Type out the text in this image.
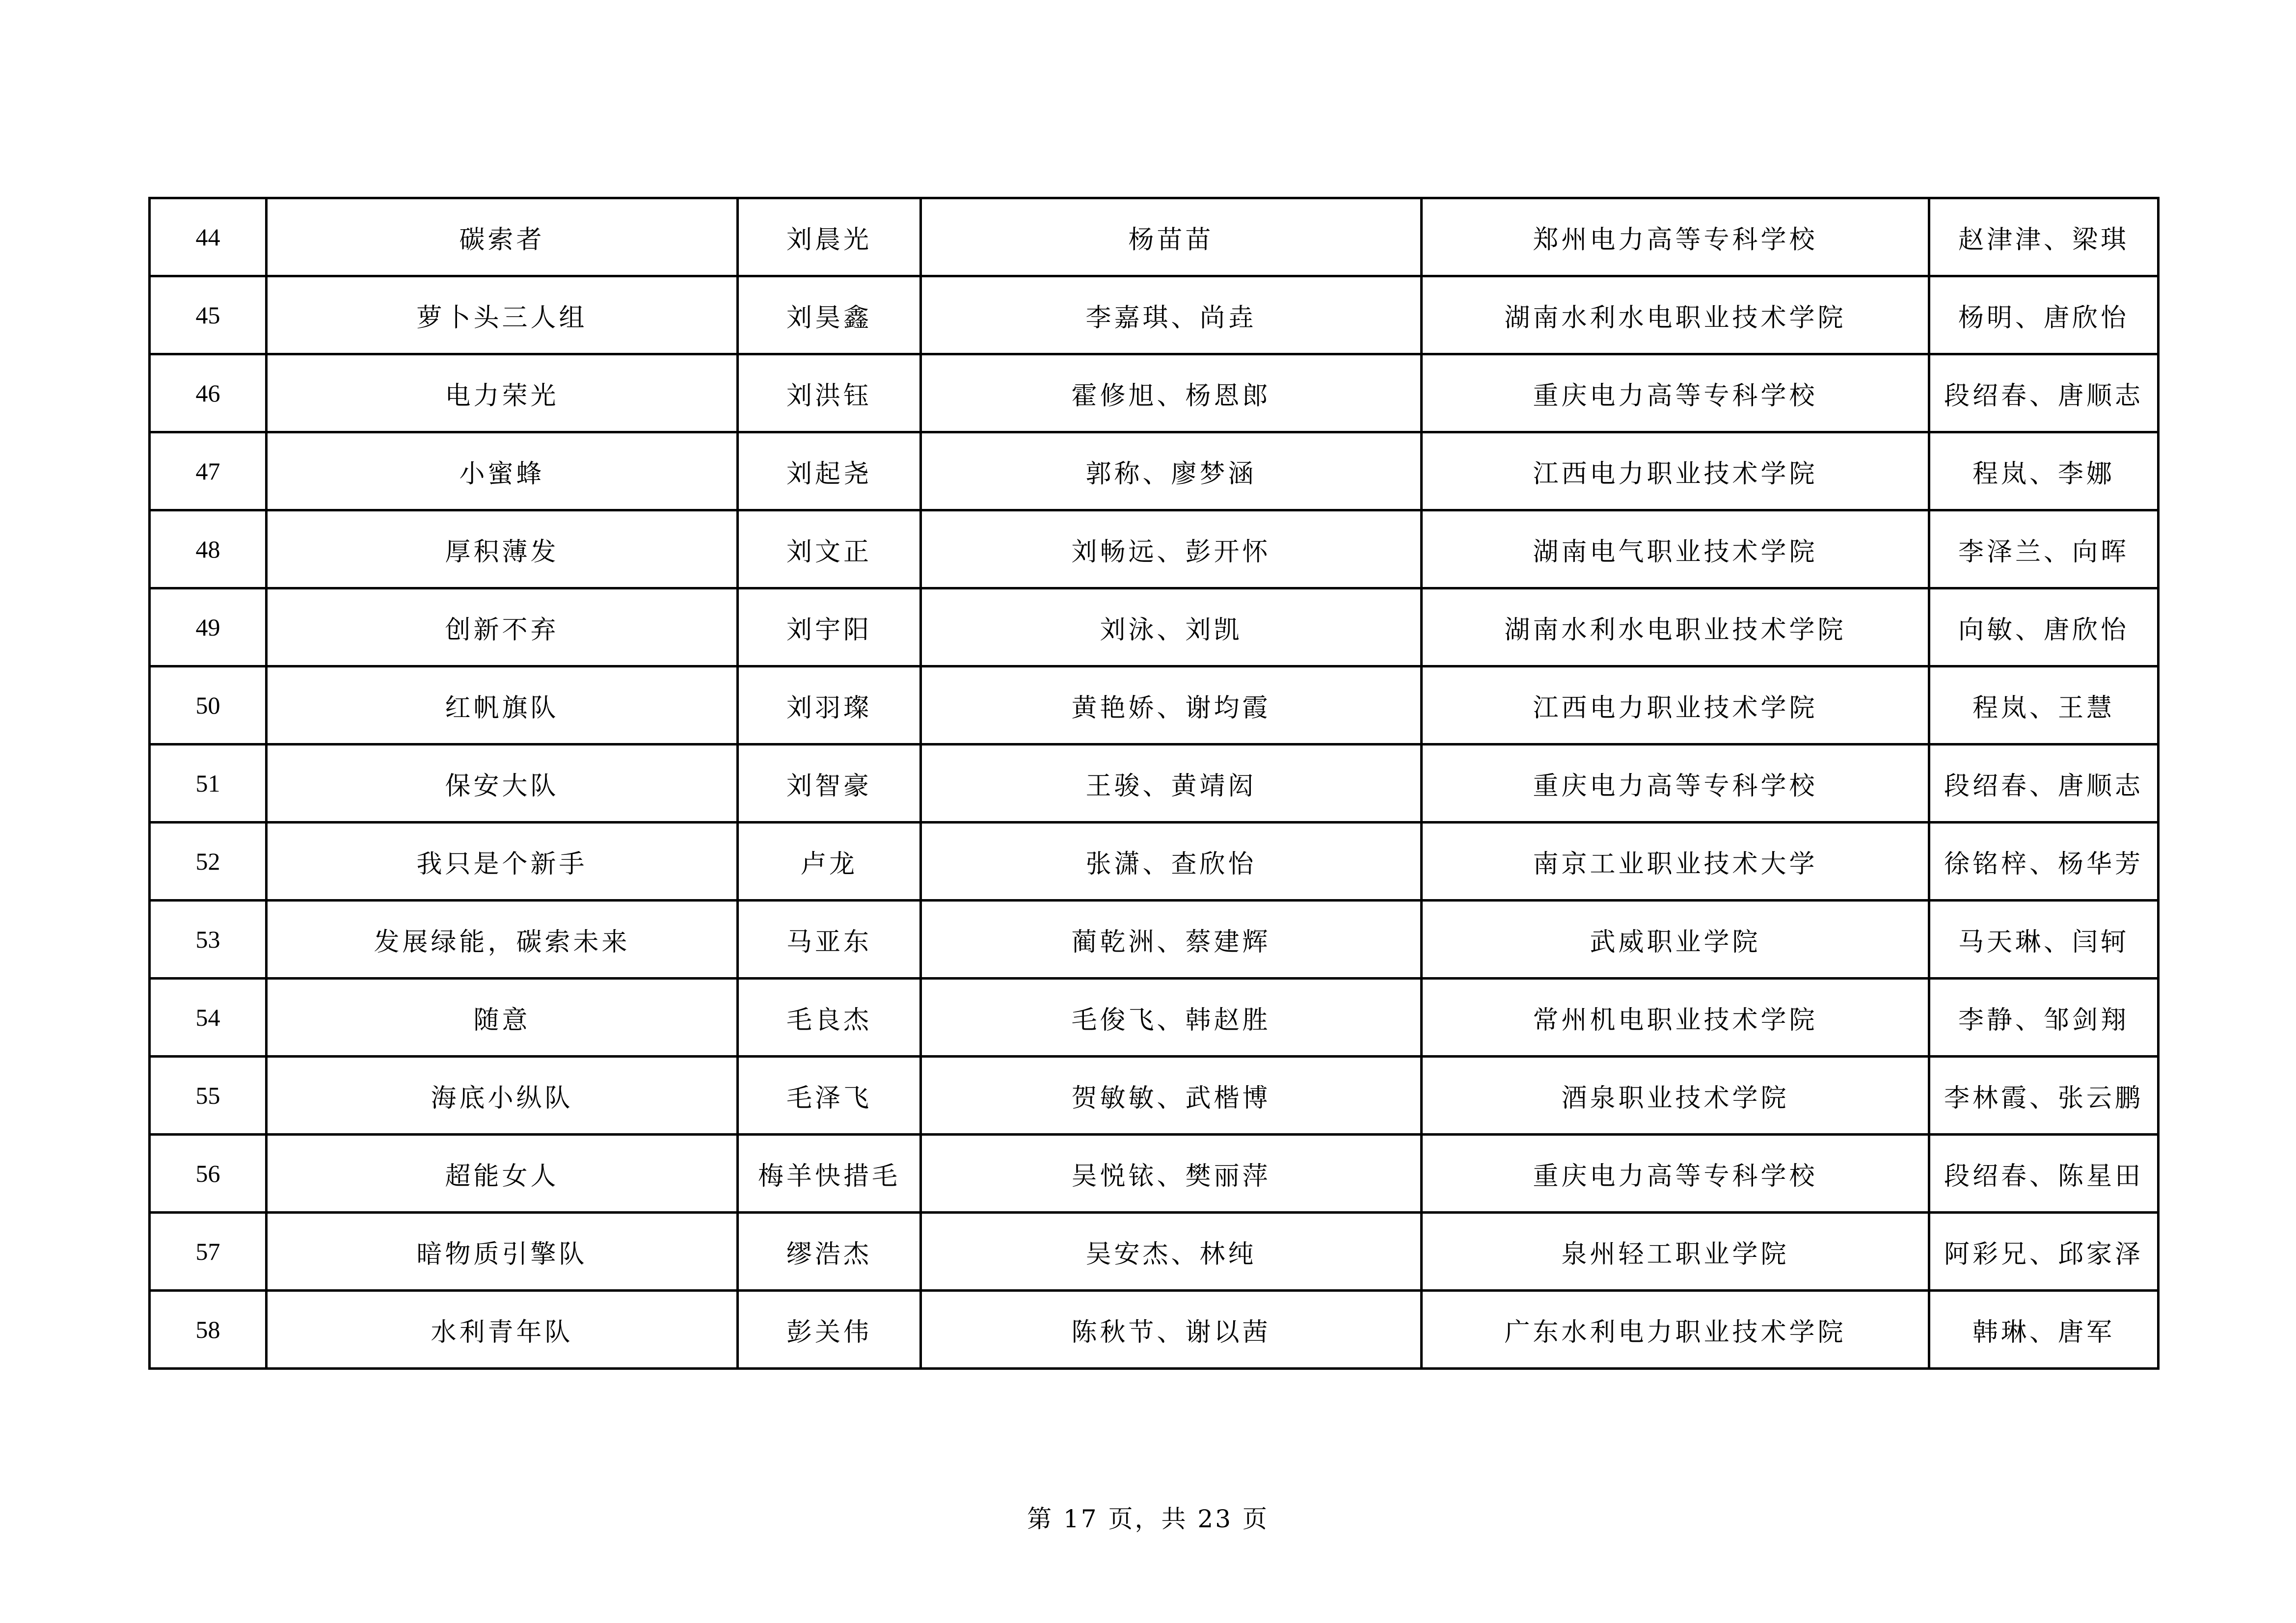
44	碳索者	刘晨光	杨苗苗	郑州电力高等专科学校	赵津津、梁琪
45	萝卜头三人组	刘昊鑫	李嘉琪、尚垚	湖南水利水电职业技术学院	杨明、唐欣怡
46	电力荣光	刘洪钰	霍修旭、杨恩郎	重庆电力高等专科学校	段绍春、唐顺志
47	小蜜蜂	刘起尧	郭称、廖梦涵	江西电力职业技术学院	程岚、李娜
48	厚积薄发	刘文正	刘畅远、彭开怀	湖南电气职业技术学院	李泽兰、向晖
49	创新不弃	刘宇阳	刘泳、刘凯	湖南水利水电职业技术学院	向敏、唐欣怡
50	红帆旗队	刘羽璨	黄艳娇、谢均霞	江西电力职业技术学院	程岚、王慧
51	保安大队	刘智豪	王骏、黄靖闳	重庆电力高等专科学校	段绍春、唐顺志
52	我只是个新手	卢龙	张潇、查欣怡	南京工业职业技术大学	徐铭梓、杨华芳
53	发展绿能，碳索未来	马亚东	蔺乾洲、蔡建辉	武威职业学院	马天琳、闫轲
54	随意	毛良杰	毛俊飞、韩赵胜	常州机电职业技术学院	李静、邹剑翔
55	海底小纵队	毛泽飞	贺敏敏、武楷博	酒泉职业技术学院	李林霞、张云鹏
56	超能女人	梅羊快措毛	吴悦铱、樊丽萍	重庆电力高等专科学校	段绍春、陈星田
57	暗物质引擎队	缪浩杰	吴安杰、林纯	泉州轻工职业学院	阿彩兄、邱家泽
58	水利青年队	彭关伟	陈秋节、谢以茜	广东水利电力职业技术学院	韩琳、唐军
第 17 页，共 23 页
